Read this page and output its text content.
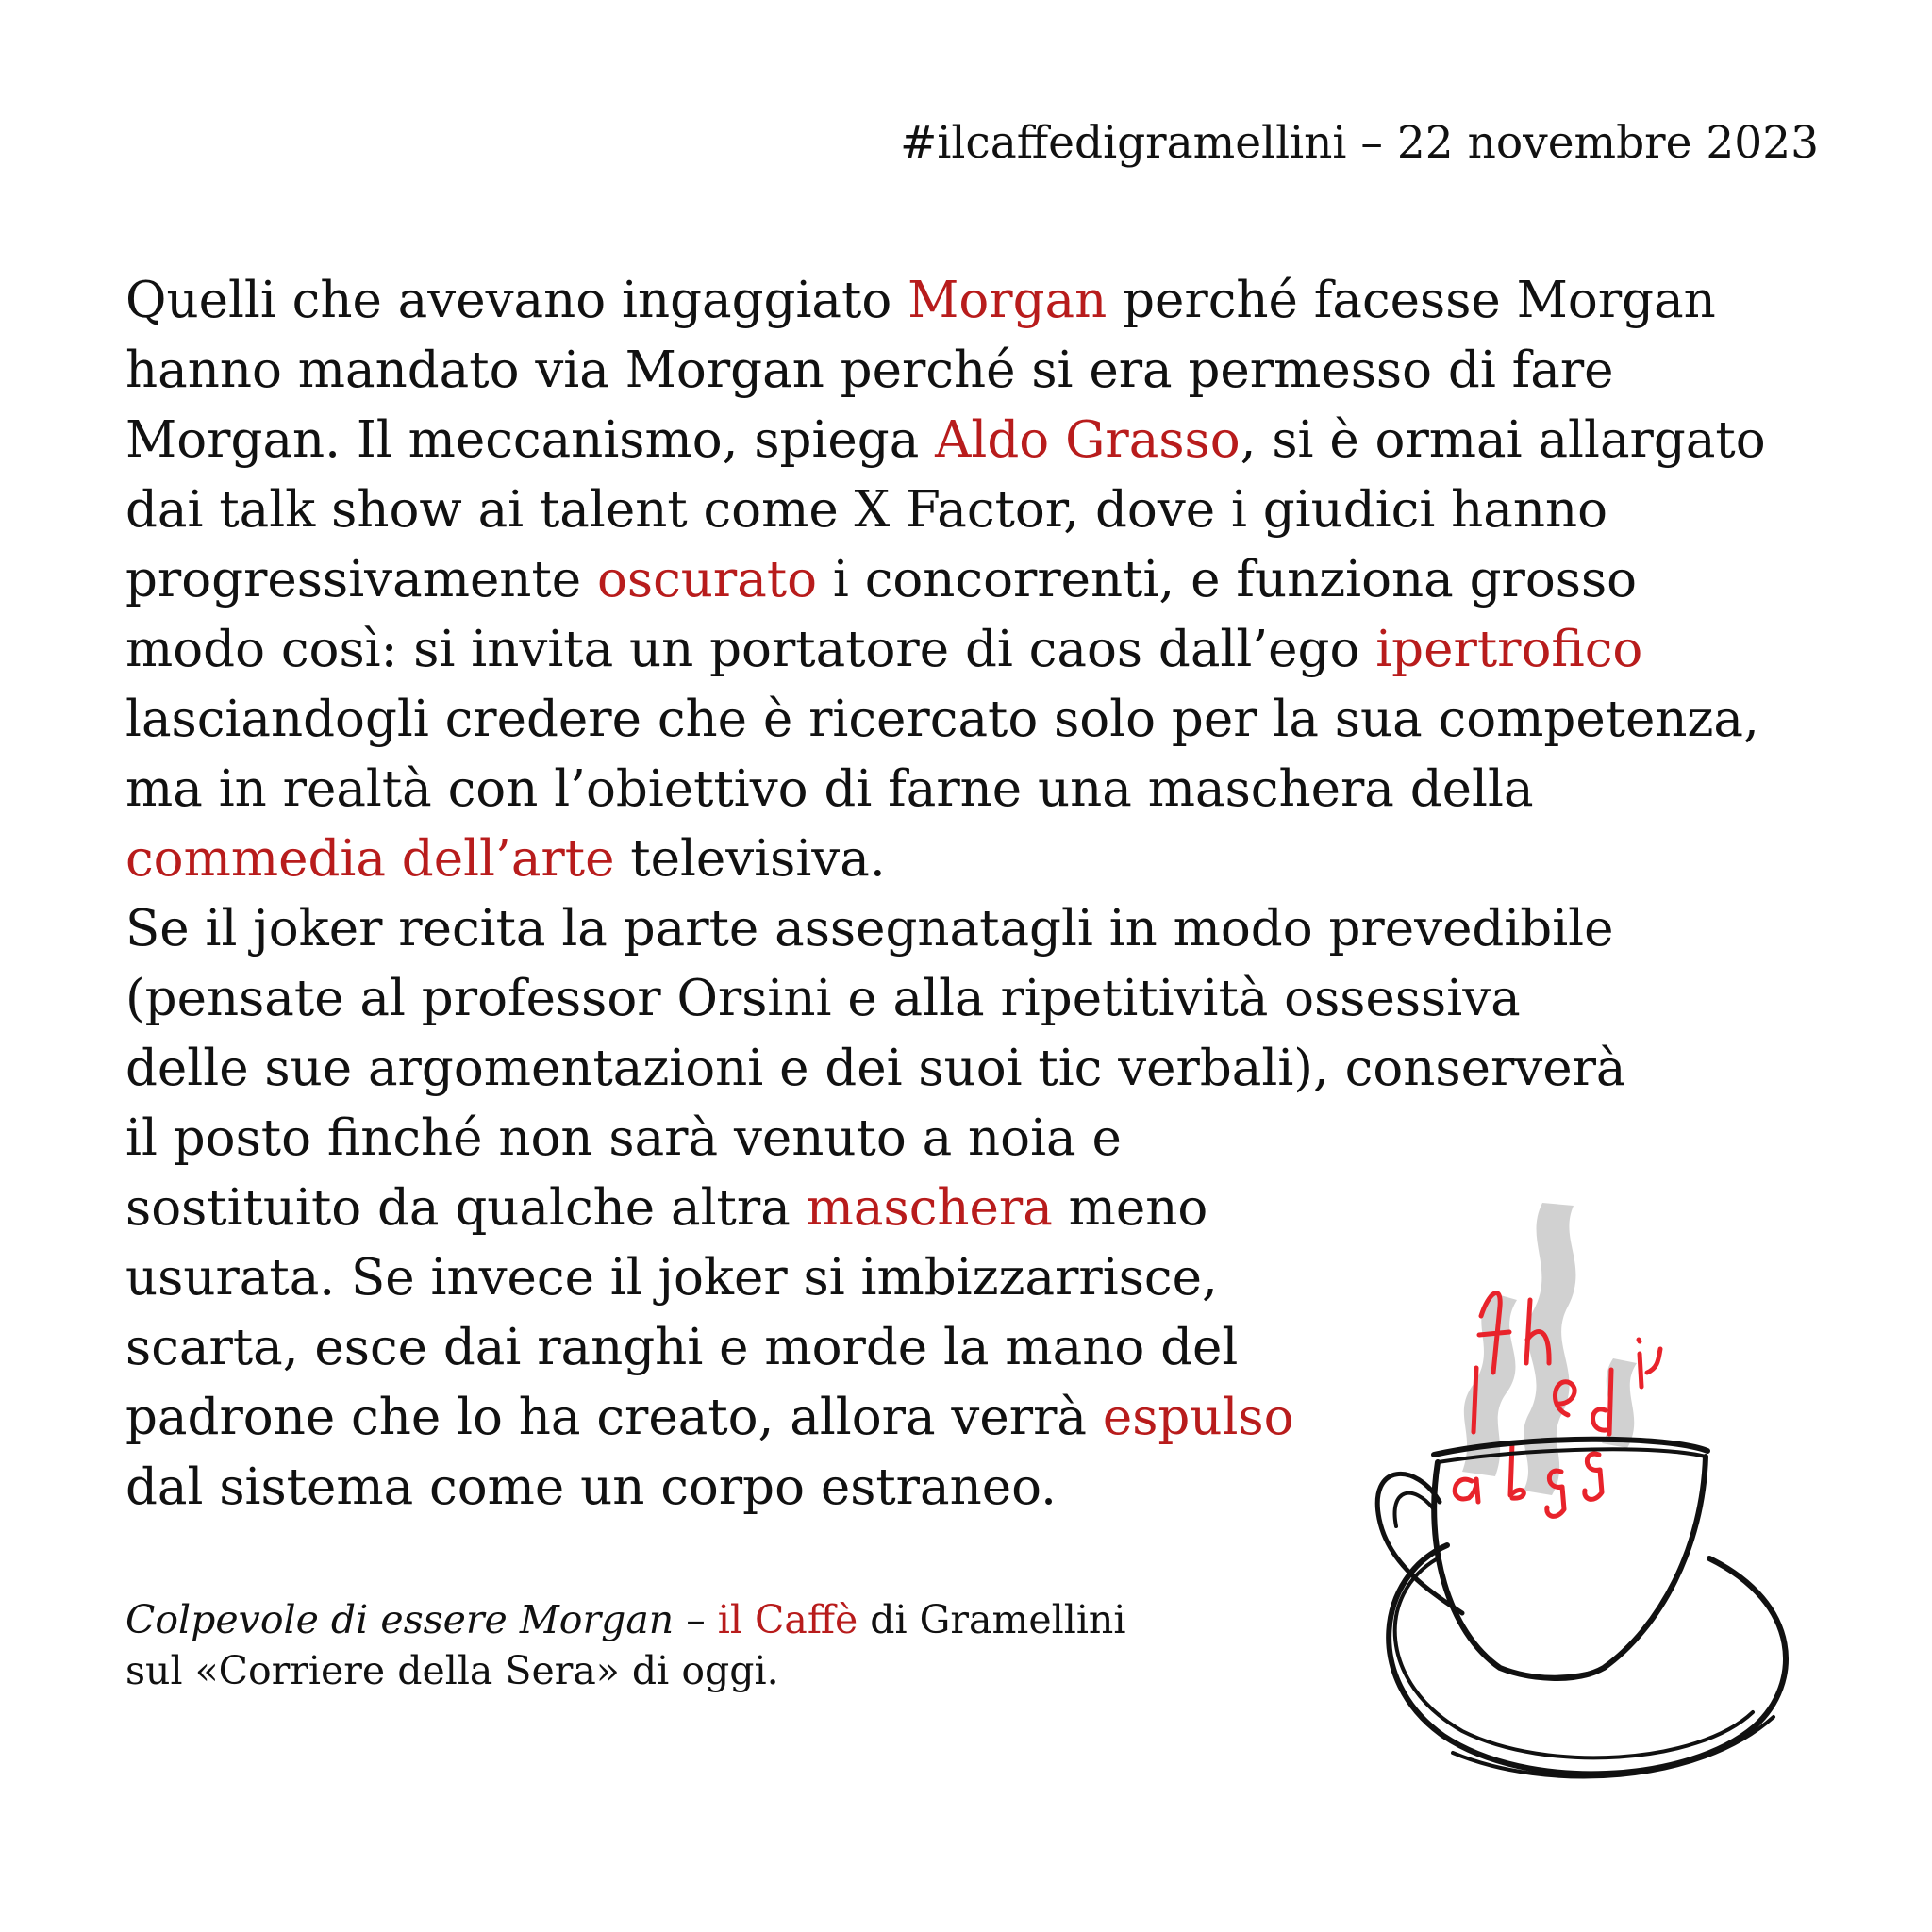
#ilcaffedigramellini – 22 novembre 2023
Quelli che avevano ingaggiato Morgan perché facesse Morgan
hanno mandato via Morgan perché si era permesso di fare
Morgan. Il meccanismo, spiega Aldo Grasso, si è ormai allargato
dai talk show ai talent come X Factor, dove i giudici hanno
progressivamente oscurato i concorrenti, e funziona grosso
modo così: si invita un portatore di caos dall’ego ipertrofico
lasciandogli credere che è ricercato solo per la sua competenza,
ma in realtà con l’obiettivo di farne una maschera della
commedia dell’arte televisiva.
Se il joker recita la parte assegnatagli in modo prevedibile
(pensate al professor Orsini e alla ripetitività ossessiva
delle sue argomentazioni e dei suoi tic verbali), conserverà
il posto finché non sarà venuto a noia e
sostituito da qualche altra maschera meno
usurata. Se invece il joker si imbizzarrisce,
scarta, esce dai ranghi e morde la mano del
padrone che lo ha creato, allora verrà espulso
dal sistema come un corpo estraneo.
Colpevole di essere Morgan – il Caffè di Gramellini
sul «Corriere della Sera» di oggi.
